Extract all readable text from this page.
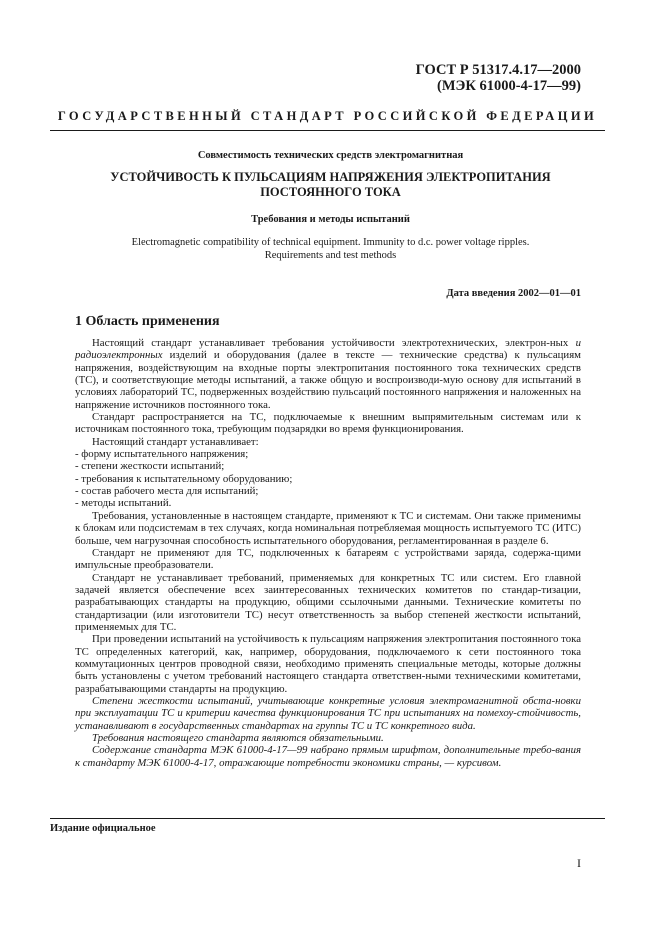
ГОСТ Р 51317.4.17—2000
(МЭК 61000-4-17—99)
ГОСУДАРСТВЕННЫЙ СТАНДАРТ РОССИЙСКОЙ ФЕДЕРАЦИИ
Совместимость технических средств электромагнитная
УСТОЙЧИВОСТЬ К ПУЛЬСАЦИЯМ НАПРЯЖЕНИЯ ЭЛЕКТРОПИТАНИЯ
ПОСТОЯННОГО ТОКА
Требования и методы испытаний
Electromagnetic compatibility of technical equipment. Immunity to d.c. power voltage ripples.
Requirements and test methods
Дата введения 2002—01—01
1 Область применения

Настоящий стандарт устанавливает требования устойчивости электротехнических, электрон-ных и радиоэлектронных изделий и оборудования (далее в тексте — технические средства) к пульсациям напряжения, воздействующим на входные порты электропитания постоянного тока технических средств (ТС), и соответствующие методы испытаний, а также общую и воспроизводи-мую основу для испытаний в условиях лабораторий ТС, подверженных воздействию пульсаций постоянного напряжения и наложенных на напряжение источников постоянного тока.

Стандарт распространяется на ТС, подключаемые к внешним выпрямительным системам или к источникам постоянного тока, требующим подзарядки во время функционирования.

Настоящий стандарт устанавливает:

- форму испытательного напряжения;

- степени жесткости испытаний;

- требования к испытательному оборудованию;

- состав рабочего места для испытаний;

- методы испытаний.

Требования, установленные в настоящем стандарте, применяют к ТС и системам. Они также применимы к блокам или подсистемам в тех случаях, когда номинальная потребляемая мощность испытуемого ТС (ИТС) больше, чем нагрузочная способность испытательного оборудования, регламентированная в разделе 6.

Стандарт не применяют для ТС, подключенных к батареям с устройствами заряда, содержа-щими импульсные преобразователи.

Стандарт не устанавливает требований, применяемых для конкретных ТС или систем. Его главной задачей является обеспечение всех заинтересованных технических комитетов по стандар-тизации, разрабатывающих стандарты на продукцию, общими ссылочными данными. Технические комитеты по стандартизации (или изготовители ТС) несут ответственность за выбор степеней жесткости испытаний, применяемых для ТС.

При проведении испытаний на устойчивость к пульсациям напряжения электропитания постоянного тока ТС определенных категорий, как, например, оборудования, подключаемого к сети постоянного тока коммутационных центров проводной связи, необходимо применять специальные методы, которые должны быть установлены с учетом требований настоящего стандарта ответствен-ными техническими комитетами, разрабатывающими стандарты на продукцию.

Степени жесткости испытаний, учитывающие конкретные условия электромагнитной обста-новки при эксплуатации ТС и критерии качества функционирования ТС при испытаниях на помехоу-стойчивость, устанавливают в государственных стандартах на группы ТС и ТС конкретного вида.

Требования настоящего стандарта являются обязательными.

Содержание стандарта МЭК 61000-4-17—99 набрано прямым шрифтом, дополнительные требо-вания к стандарту МЭК 61000-4-17, отражающие потребности экономики страны, — курсивом.

Издание официальное
I
